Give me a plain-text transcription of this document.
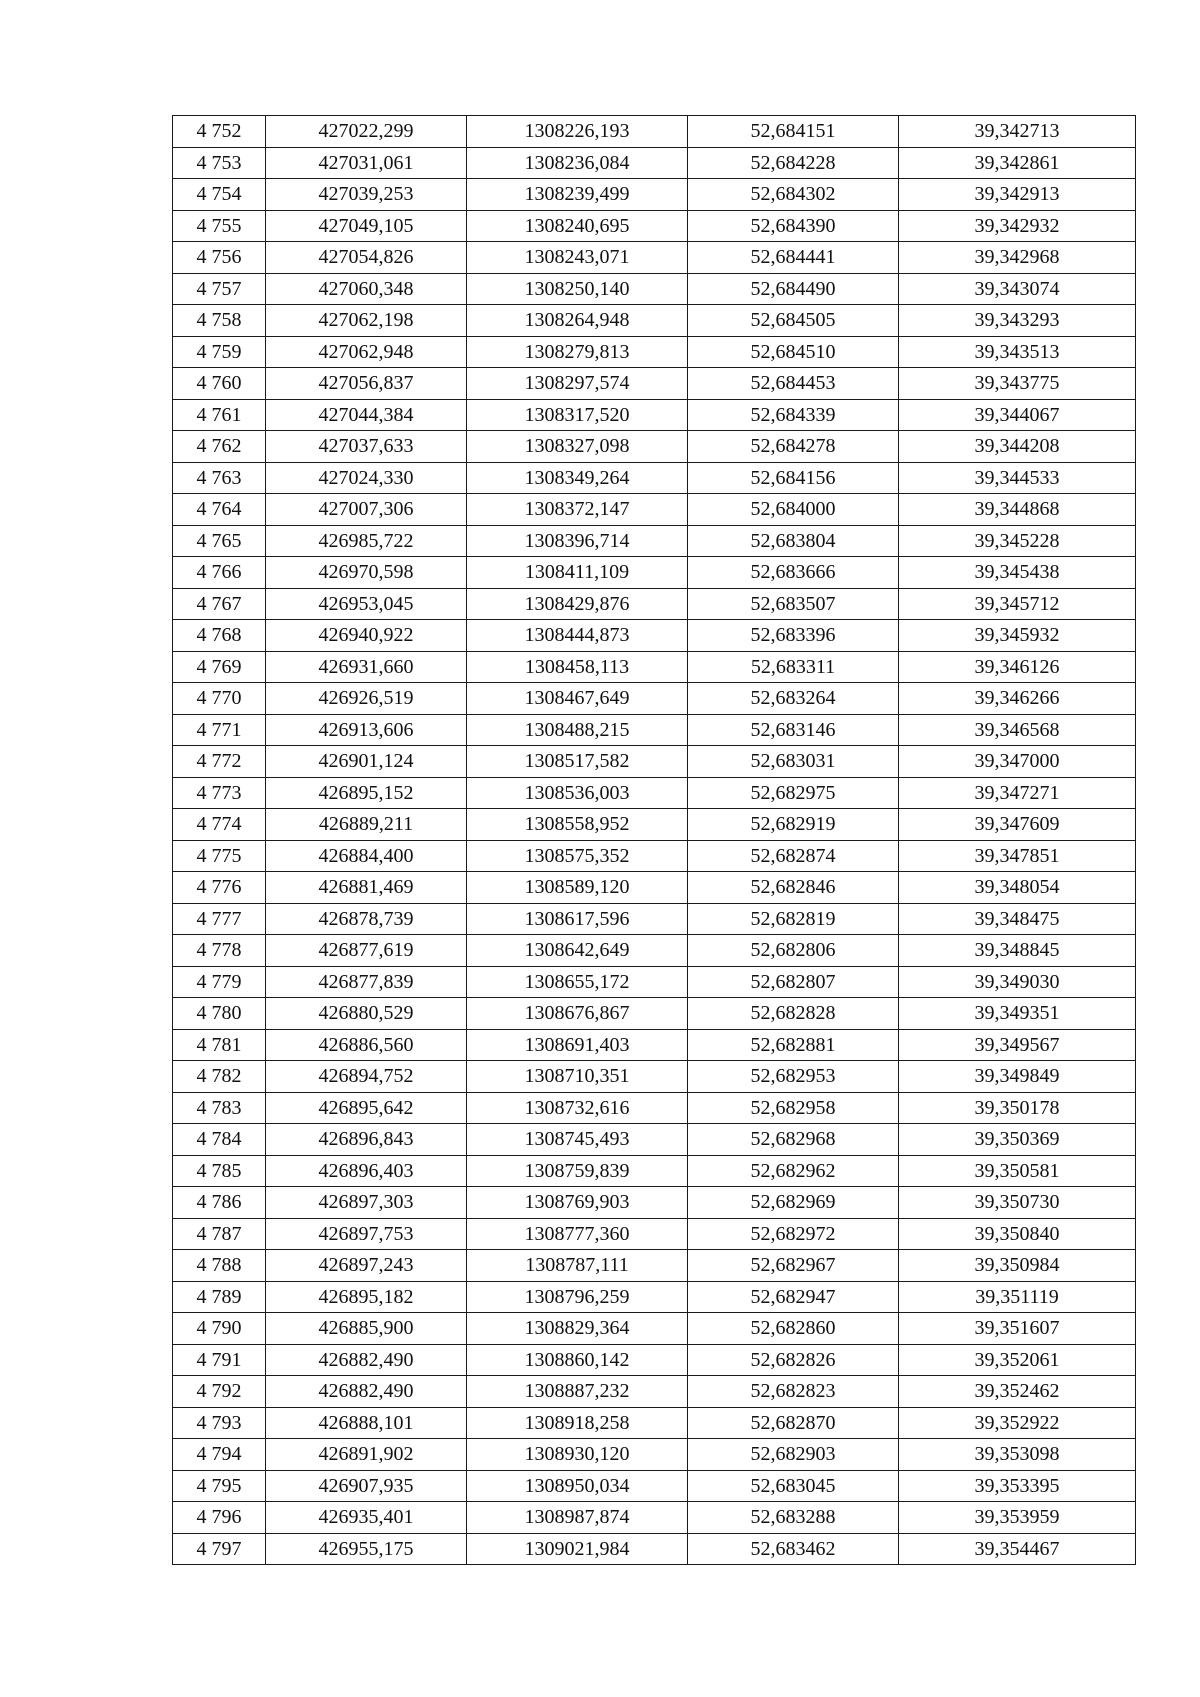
4 752	427022,299	1308226,193	52,684151	39,342713
4 753	427031,061	1308236,084	52,684228	39,342861
4 754	427039,253	1308239,499	52,684302	39,342913
4 755	427049,105	1308240,695	52,684390	39,342932
4 756	427054,826	1308243,071	52,684441	39,342968
4 757	427060,348	1308250,140	52,684490	39,343074
4 758	427062,198	1308264,948	52,684505	39,343293
4 759	427062,948	1308279,813	52,684510	39,343513
4 760	427056,837	1308297,574	52,684453	39,343775
4 761	427044,384	1308317,520	52,684339	39,344067
4 762	427037,633	1308327,098	52,684278	39,344208
4 763	427024,330	1308349,264	52,684156	39,344533
4 764	427007,306	1308372,147	52,684000	39,344868
4 765	426985,722	1308396,714	52,683804	39,345228
4 766	426970,598	1308411,109	52,683666	39,345438
4 767	426953,045	1308429,876	52,683507	39,345712
4 768	426940,922	1308444,873	52,683396	39,345932
4 769	426931,660	1308458,113	52,683311	39,346126
4 770	426926,519	1308467,649	52,683264	39,346266
4 771	426913,606	1308488,215	52,683146	39,346568
4 772	426901,124	1308517,582	52,683031	39,347000
4 773	426895,152	1308536,003	52,682975	39,347271
4 774	426889,211	1308558,952	52,682919	39,347609
4 775	426884,400	1308575,352	52,682874	39,347851
4 776	426881,469	1308589,120	52,682846	39,348054
4 777	426878,739	1308617,596	52,682819	39,348475
4 778	426877,619	1308642,649	52,682806	39,348845
4 779	426877,839	1308655,172	52,682807	39,349030
4 780	426880,529	1308676,867	52,682828	39,349351
4 781	426886,560	1308691,403	52,682881	39,349567
4 782	426894,752	1308710,351	52,682953	39,349849
4 783	426895,642	1308732,616	52,682958	39,350178
4 784	426896,843	1308745,493	52,682968	39,350369
4 785	426896,403	1308759,839	52,682962	39,350581
4 786	426897,303	1308769,903	52,682969	39,350730
4 787	426897,753	1308777,360	52,682972	39,350840
4 788	426897,243	1308787,111	52,682967	39,350984
4 789	426895,182	1308796,259	52,682947	39,351119
4 790	426885,900	1308829,364	52,682860	39,351607
4 791	426882,490	1308860,142	52,682826	39,352061
4 792	426882,490	1308887,232	52,682823	39,352462
4 793	426888,101	1308918,258	52,682870	39,352922
4 794	426891,902	1308930,120	52,682903	39,353098
4 795	426907,935	1308950,034	52,683045	39,353395
4 796	426935,401	1308987,874	52,683288	39,353959
4 797	426955,175	1309021,984	52,683462	39,354467
